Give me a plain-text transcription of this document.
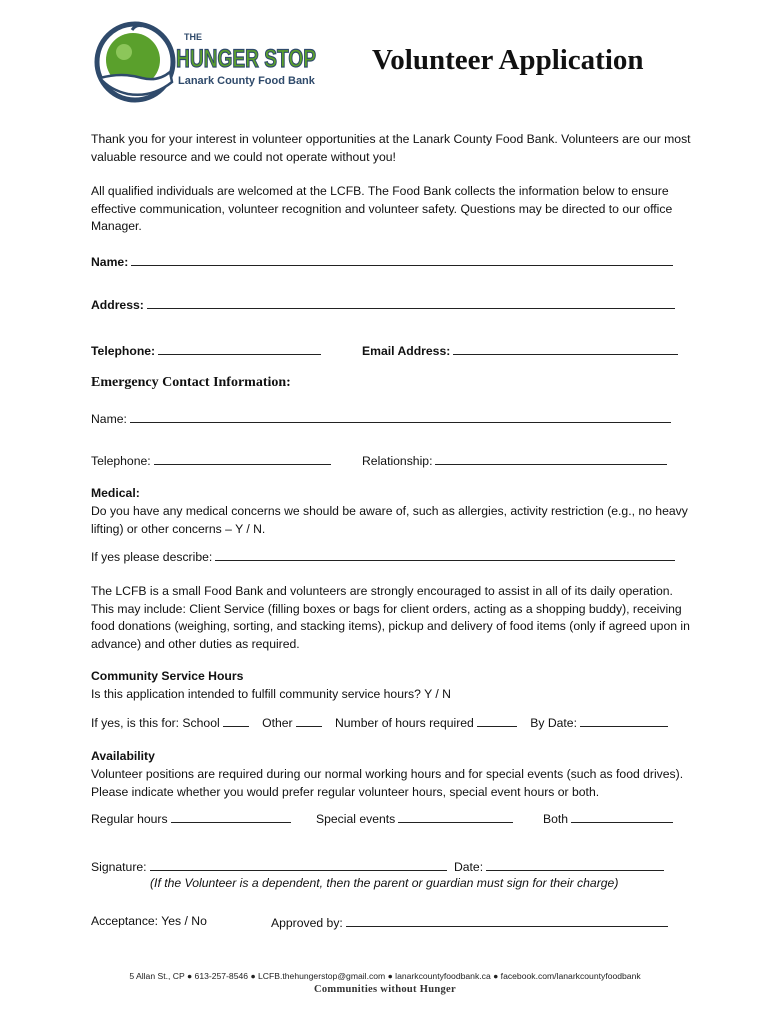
THE
HUNGER STOP
Lanark County Food Bank
Volunteer Application
Thank you for your interest in volunteer opportunities at the Lanark County Food Bank. Volunteers are our most valuable resource and we could not operate without you!
All qualified individuals are welcomed at the LCFB. The Food Bank collects the information below to ensure effective communication, volunteer recognition and volunteer safety. Questions may be directed to our office Manager.
Name:
Address:
Telephone:	Email Address:
Emergency Contact Information:
Name:
Telephone:	Relationship:
Medical:
Do you have any medical concerns we should be aware of, such as allergies, activity restriction (e.g., no heavy lifting) or other concerns – Y / N.
If yes please describe:
The LCFB is a small Food Bank and volunteers are strongly encouraged to assist in all of its daily operation. This may include: Client Service (filling boxes or bags for client orders, acting as a shopping buddy), receiving food donations (weighing, sorting, and stacking items), pickup and delivery of food items (only if agreed upon in advance) and other duties as required.
Community Service Hours
Is this application intended to fulfill community service hours? Y / N
If yes, is this for: School	Other	Number of hours required	By Date:
Availability
Volunteer positions are required during our normal working hours and for special events (such as food drives). Please indicate whether you would prefer regular volunteer hours, special event hours or both.
Regular hours	Special events	Both
Signature:	Date:
(If the Volunteer is a dependent, then the parent or guardian must sign for their charge)
Acceptance: Yes / No	Approved by:
5 Allan St., CP ● 613-257-8546 ● LCFB.thehungerstop@gmail.com ● lanarkcountyfoodbank.ca ● facebook.com/lanarkcountyfoodbank
Communities without Hunger
